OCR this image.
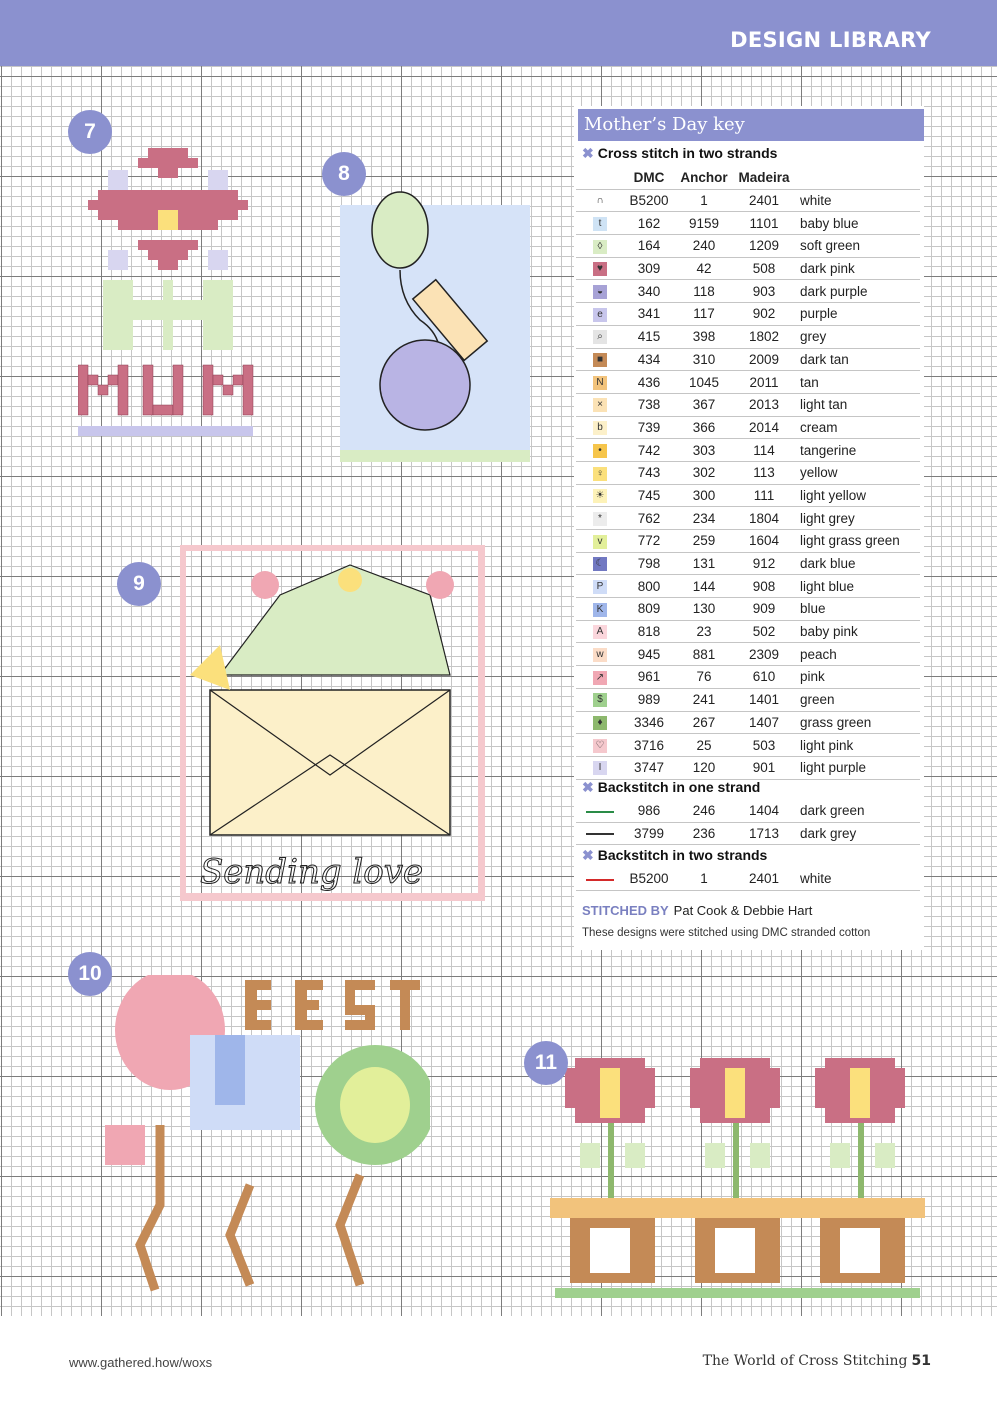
DESIGN LIBRARY
Sending love
7
8
9
10
11
Mother’s Day key
✖ Cross stitch in two strands
	DMC	Anchor	Madeira	
∩	B5200	1	2401	white
t	162	9159	1101	baby blue
◊	164	240	1209	soft green
♥	309	42	508	dark pink
◒	340	118	903	dark purple
e	341	117	902	purple
⌕	415	398	1802	grey
■	434	310	2009	dark tan
N	436	1045	2011	tan
×	738	367	2013	light tan
b	739	366	2014	cream
•	742	303	114	tangerine
♀	743	302	113	yellow
☀	745	300	111	light yellow
*	762	234	1804	light grey
v	772	259	1604	light grass green
☾	798	131	912	dark blue
P	800	144	908	light blue
K	809	130	909	blue
A	818	23	502	baby pink
w	945	881	2309	peach
↗	961	76	610	pink
$	989	241	1401	green
♦	3346	267	1407	grass green
♡	3716	25	503	light pink
I	3747	120	901	light purple
✖ Backstitch in one strand
	986	246	1404	dark green
	3799	236	1713	dark grey
✖ Backstitch in two strands
	B5200	1	2401	white
STITCHED BY Pat Cook & Debbie Hart
These designs were stitched using DMC stranded cotton
www.gathered.how/woxs	The World of Cross Stitching 51
